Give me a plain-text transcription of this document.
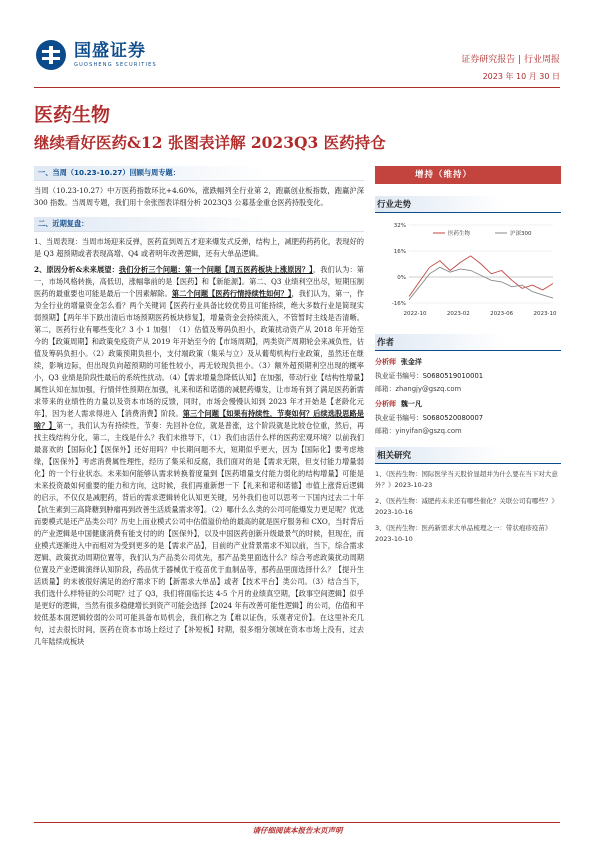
国盛证券
GUOSHENG SECURITIES	证券研究报告 | 行业周报
2023 年 10 月 30 日
医药生物
继续看好医药&12 张图表详解 2023Q3 医药持仓
一、当周（10.23-10.27）回顾与周专题：
当周（10.23-10.27）中万医药指数环比+4.60%，涨跌幅列全行业第 2，跑赢创业板指数，跑赢沪深 300 指数。当周周专题，我们用十余张图表详细分析 2023Q3 公募基金重仓医药持股变化。
二、近期复盘：
1、当周表现：当周市场迎来反弹，医药直到周五才迎来爆发式反弹，结构上，减肥药药药化，表现好的是 Q3 超预期或者表现高增、Q4 或者明年改善逻辑，还有大单品逻辑。
2、原因分析&未来展望：我们分析三个问题：第一个问题【周五医药板块上涨原因？】，我们认为：第一，市场风格转换，高低切，涨幅靠前的是【医药】和【新能源】。第二、Q3 业绩利空出尽，短期压制医药的最重要也可能是最后一个因素解除。第二个问题【医药行情持续性如何？】，我们认为，第一，作为全行业的增量资金怎么看？两个关键词【医药行业具备比较优势且可能持续，绝大多数行业是简现实弱预期】【两年半下跌出清后市场预期医药板块修复】，增量资金会持续流入，不管暂时主线是否清晰。第二，医药行业有哪些变化？3 小 1 加强！（1）估值及筹码负担小，政策扰动资产从 2018 年开始至今的【政策周期】和政策免疫资产从 2019 年开始至今的【市场周期】，两类资产周期轮会来减负性，估值及筹码负担小。（2）政策预期负担小，支付端政策（集采与立）及从葡萄机构行业政策，虽然还在继续，影响边际，但出现负向超预期的可能性较小，再无较现负担小。（3）额外超预期利空出现的概率小，Q3 业绩是阶段性最后的系统性扰动。（4）【需求增量急降低认知】在加强，带动行业【结构性增量】属性认知在加加强，行情伴性预期在加强，礼来和诺和诺德的减肥药爆发，让市场有到了满足医药新需求带来的业绩性的力量以及资本市场的反馈，同时，市场会慢慢认知到 2023 年才开始是【老龄化元年】，因为老人需求得进入【消费消费】阶段。第三个问题【如果有持续性，节奏如何？后续选股思路是啥？】第一，我们认为有持续性，节奏：先回补仓位，就是普涨，这个阶段就是比较仓位重，然后，再找主线结构分化，第二，主线是什么？我们未推导下，（1）我们由活什么样的医药宏观环境？以前我们最喜欢的【国际化】【医保外】还好用吗？中长期问题不大，短期似乎更大，因为【国际化】要考虑地缘，【医保外】考虑消费属性理性，经历了集采和反腐，我们面对的是【需求无限，但支付能力增量弱化】的一个行业状态。未来如何能够认需求转换着度量到【医药增量支付能力弱化的结构增量】可能是未来投资最如何重要的能力和方向，这时候，我们再重新想一下【礼来和诺和诺德】市值上涨背后逻辑的启示，不仅仅是减肥药，背后的需求逻辑转化认知更关键，另外我们也可以思考一下国内过去二十年【抗生素到三高降糖到肿瘤再到改善生活质量需求等】。（2）哪什么么类的公司可能爆发力更足呢？优选而要模式是还产品类公司？历史上而业模式公司中估值溢价给的最高的就是医疗服务和 CXO，当时背后的产业逻辑是中国健康消费有能支付的的【医保外】，以及中国医药创新升级最景气的时候，但现在，而业模式逐渐进入中而相对为受到更多的是【需求产品】，目前的产业背景需求不知以前，当下，综合需求逻辑、政策扰动周期位置等，我们认为产品类公司优先，那产品类里面选什么？综合考虑政策扰动周期位置及产业逻辑演绎认知阶段，药品优于器械优于疫苗优于血制品等，那药品里面选择什么？【提升生活质量】的未被很好满足的治疗需求下的【新需求大单品】或者【技术平台】类公司。（3）结合当下，我们选什么样特征的公司呢？过了 Q3，我们将面临长达 4-5 个月的业绩真空期，【政事空间逻辑】似乎是更好的逻辑，当然有很多稳健增长到资产可能会选择【2024 年有改善可能性逻辑】的公司，估值和平较低基本面逻辑较弱的公司可能具备布局机会，我们称之为【难以证伪，乐观者定价】。在这里补充几句，过去很长时间，医药在资本市场上经过了【补短板】时期，很多细分领域在资本市场上没有，过去几年陆续成板块
增持（维持）
行业走势
32%
16%
0%
-16%
2022-10	2023-02	2023-06	2023-10
医药生物	沪深300
作者
分析师 张金洋
执业证书编号：S0680519010001
邮箱：zhangjy@gszq.com
分析师 魏一凡
执业证书编号：S0680520080007
邮箱：yinyifan@gszq.com
相关研究
1、《医药生物：国际医学当天股价显超并为什么要在当下对大意外？》2023-10-23
2、《医药生物：减肥药未来还有哪些催化？关联公司有哪些？》2023-10-16
3、《医药生物：医药新需求大单品梳理之一：带状疱疹疫苗》2023-10-10
请仔细阅读本报告末页声明
